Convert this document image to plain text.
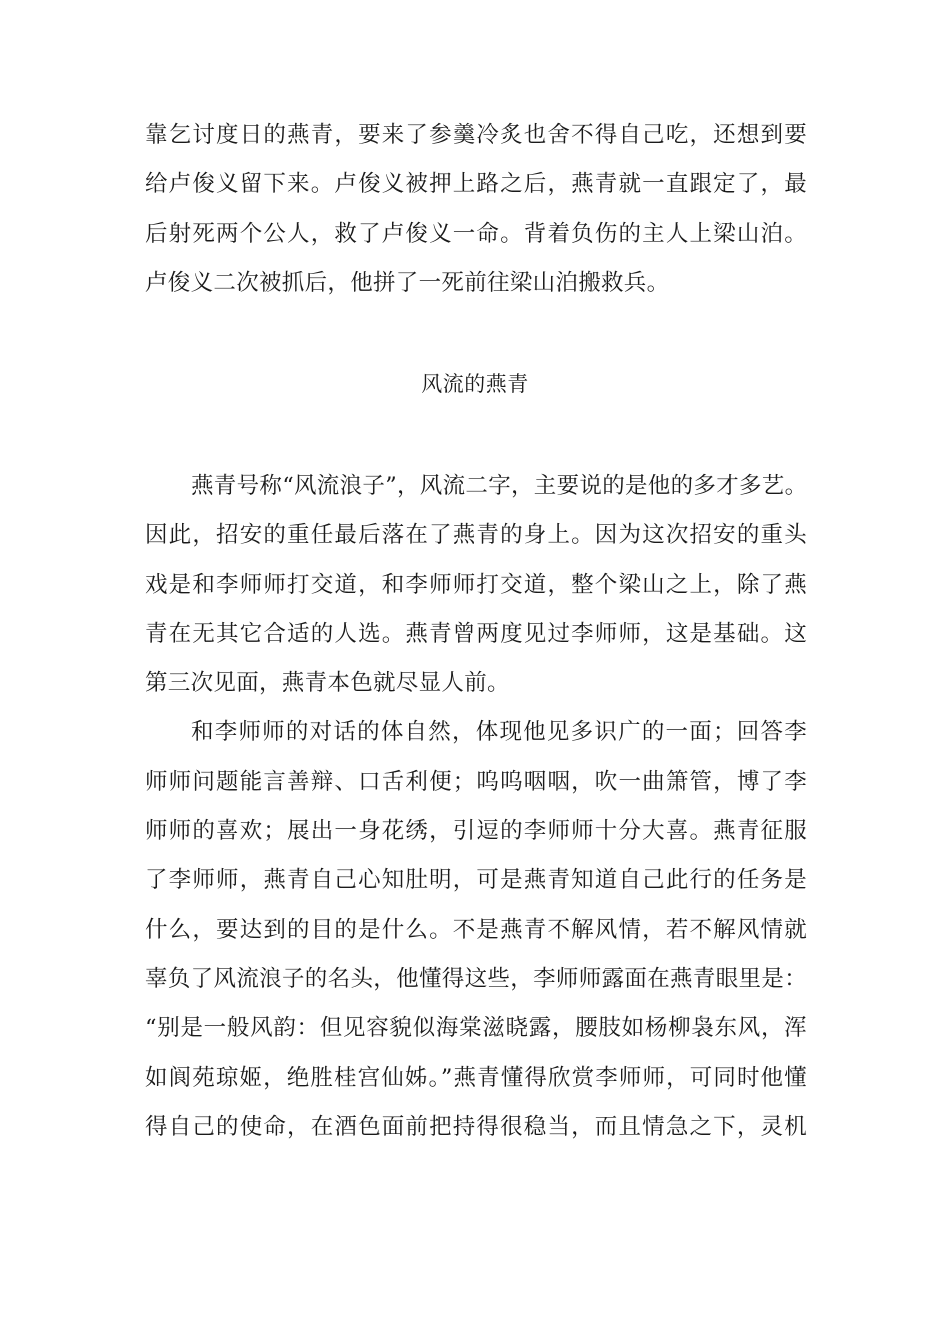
靠乞讨度日的燕青，要来了参羹冷炙也舍不得自己吃，还想到要
给卢俊义留下来。卢俊义被押上路之后，燕青就一直跟定了，最
后射死两个公人，救了卢俊义一命。背着负伤的主人上梁山泊。
卢俊义二次被抓后，他拼了一死前往梁山泊搬救兵。
风流的燕青
燕青号称“风流浪子”，风流二字，主要说的是他的多才多艺。
因此，招安的重任最后落在了燕青的身上。因为这次招安的重头
戏是和李师师打交道，和李师师打交道，整个梁山之上，除了燕
青在无其它合适的人选。燕青曾两度见过李师师，这是基础。这
第三次见面，燕青本色就尽显人前。
和李师师的对话的体自然，体现他见多识广的一面；回答李
师师问题能言善辩、口舌利便；呜呜咽咽，吹一曲箫管，博了李
师师的喜欢；展出一身花绣，引逗的李师师十分大喜。燕青征服
了李师师，燕青自己心知肚明，可是燕青知道自己此行的任务是
什么，要达到的目的是什么。不是燕青不解风情，若不解风情就
辜负了风流浪子的名头，他懂得这些，李师师露面在燕青眼里是：
“别是一般风韵：但见容貌似海棠滋晓露，腰肢如杨柳袅东风，浑
如阆苑琼姬，绝胜桂宫仙姊。”燕青懂得欣赏李师师，可同时他懂
得自己的使命，在酒色面前把持得很稳当，而且情急之下，灵机
